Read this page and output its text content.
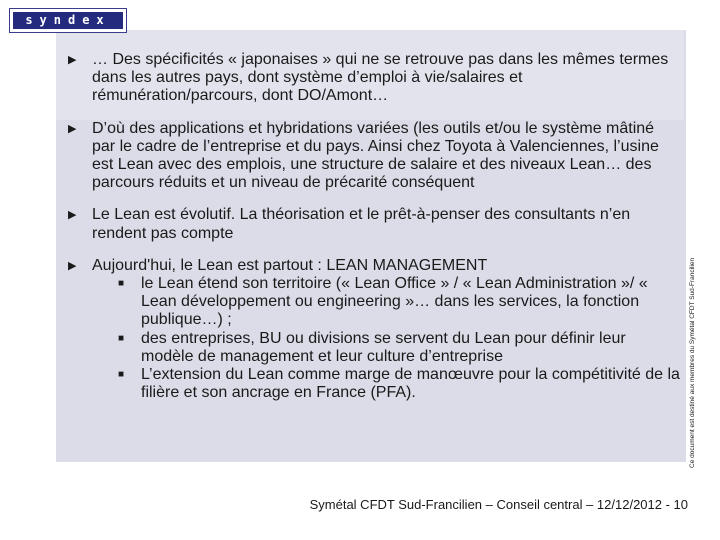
syndex
▶ … Des spécificités « japonaises » qui ne se retrouve pas dans les mêmes termes dans les autres pays, dont système d’emploi à vie/salaires et rémunération/parcours, dont DO/Amont…
▶ D’où des applications et hybridations variées (les outils et/ou le système mâtiné par le cadre de l’entreprise et du pays. Ainsi chez Toyota à Valenciennes, l’usine est Lean avec des emplois, une structure de salaire et des niveaux Lean… des parcours réduits et un niveau de précarité conséquent
▶ Le Lean est évolutif. La théorisation et le prêt-à-penser des consultants n’en rendent pas compte
▶ Aujourd'hui, le Lean est partout : LEAN MANAGEMENT
■ le Lean étend son territoire (« Lean Office » / « Lean Administration »/ « Lean développement ou engineering »… dans les services, la fonction publique…) ;
■ des entreprises, BU ou divisions se servent du Lean pour définir leur modèle de management et leur culture d’entreprise
■ L’extension du Lean comme marge de manœuvre pour la compétitivité de la filière et son ancrage en France (PFA).	Ce document est destiné aux membres du Symétal CFDT Sud-Francilien
Symétal CFDT Sud-Francilien – Conseil central – 12/12/2012 - 10
